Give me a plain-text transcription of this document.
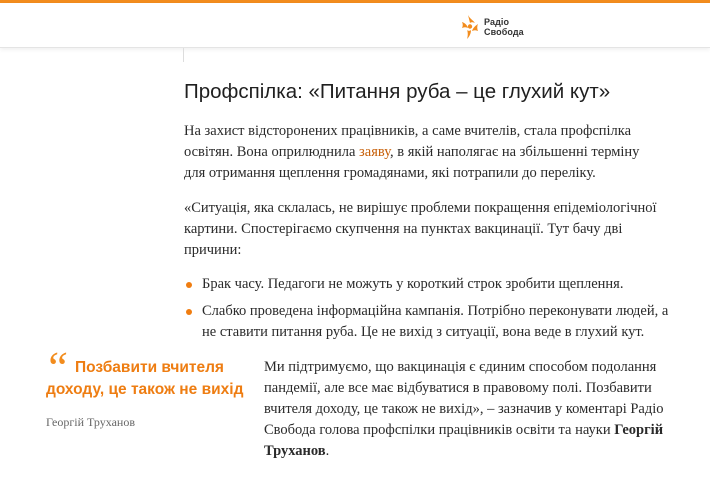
Радіо
Свобода
Профспілка: «Питання руба – це глухий кут»

На захист відсторонених працівників, а саме вчителів, стала профспілка освітян. Вона оприлюднила заяву, в якій наполягає на збільшенні терміну для отримання щеплення громадянами, які потрапили до переліку.

«Ситуація, яка склалась, не вирішує проблеми покращення епідеміологічної картини. Спостерігаємо скупчення на пунктах вакцинації. Тут бачу дві причини:

Брак часу. Педагоги не можуть у короткий строк зробити щеплення.
Слабко проведена інформаційна кампанія. Потрібно переконувати людей, а не ставити питання руба. Це не вихід з ситуації, вона веде в глухий кут.
“ Позбавити вчителя
доходу, це також не вихід

Георгій Труханов

Ми підтримуємо, що вакцинація є єдиним способом подолання пандемії, але все має відбуватися в правовому полі. Позбавити вчителя доходу, це також не вихід», – зазначив у коментарі Радіо Свобода голова профспілки працівників освіти та науки Георгій Труханов.
